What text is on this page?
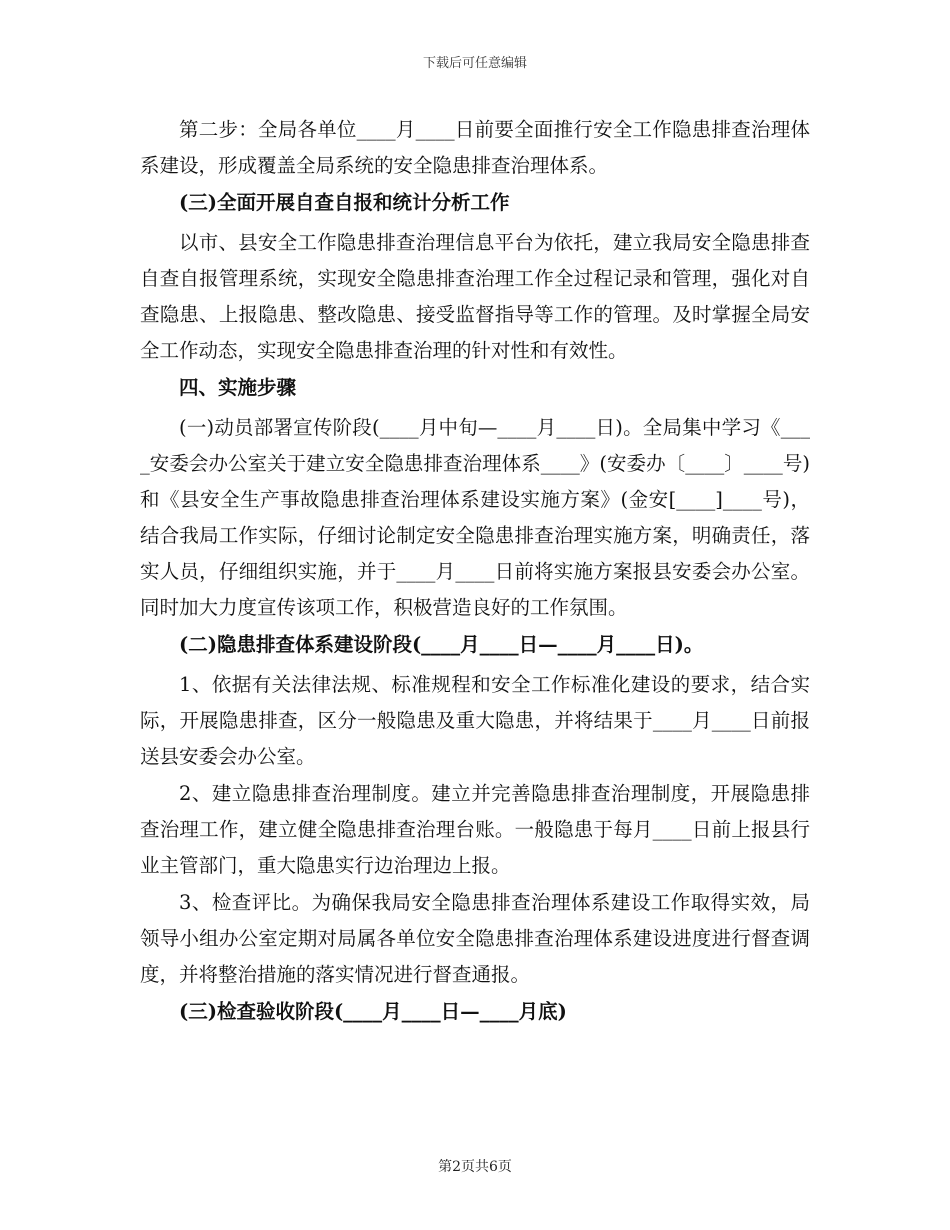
下载后可任意编辑
第二步：全局各单位____月____日前要全面推行安全工作隐患排查治理体系建设，形成覆盖全局系统的安全隐患排查治理体系。
(三)全面开展自查自报和统计分析工作
以市、县安全工作隐患排查治理信息平台为依托，建立我局安全隐患排查自查自报管理系统，实现安全隐患排查治理工作全过程记录和管理，强化对自查隐患、上报隐患、整改隐患、接受监督指导等工作的管理。及时掌握全局安全工作动态，实现安全隐患排查治理的针对性和有效性。
四、实施步骤
(一)动员部署宣传阶段(____月中旬—____月____日)。全局集中学习《____安委会办公室关于建立安全隐患排查治理体系____》(安委办〔____〕____号)和《县安全生产事故隐患排查治理体系建设实施方案》(金安[____]____号)，结合我局工作实际，仔细讨论制定安全隐患排查治理实施方案，明确责任，落实人员，仔细组织实施，并于____月____日前将实施方案报县安委会办公室。同时加大力度宣传该项工作，积极营造良好的工作氛围。
(二)隐患排查体系建设阶段(____月____日—____月____日)。
1、依据有关法律法规、标准规程和安全工作标准化建设的要求，结合实际，开展隐患排查，区分一般隐患及重大隐患，并将结果于____月____日前报送县安委会办公室。
2、建立隐患排查治理制度。建立并完善隐患排查治理制度，开展隐患排查治理工作，建立健全隐患排查治理台账。一般隐患于每月____日前上报县行业主管部门，重大隐患实行边治理边上报。
3、检查评比。为确保我局安全隐患排查治理体系建设工作取得实效，局领导小组办公室定期对局属各单位安全隐患排查治理体系建设进度进行督查调度，并将整治措施的落实情况进行督查通报。
(三)检查验收阶段(____月____日—____月底)
第2页共6页
